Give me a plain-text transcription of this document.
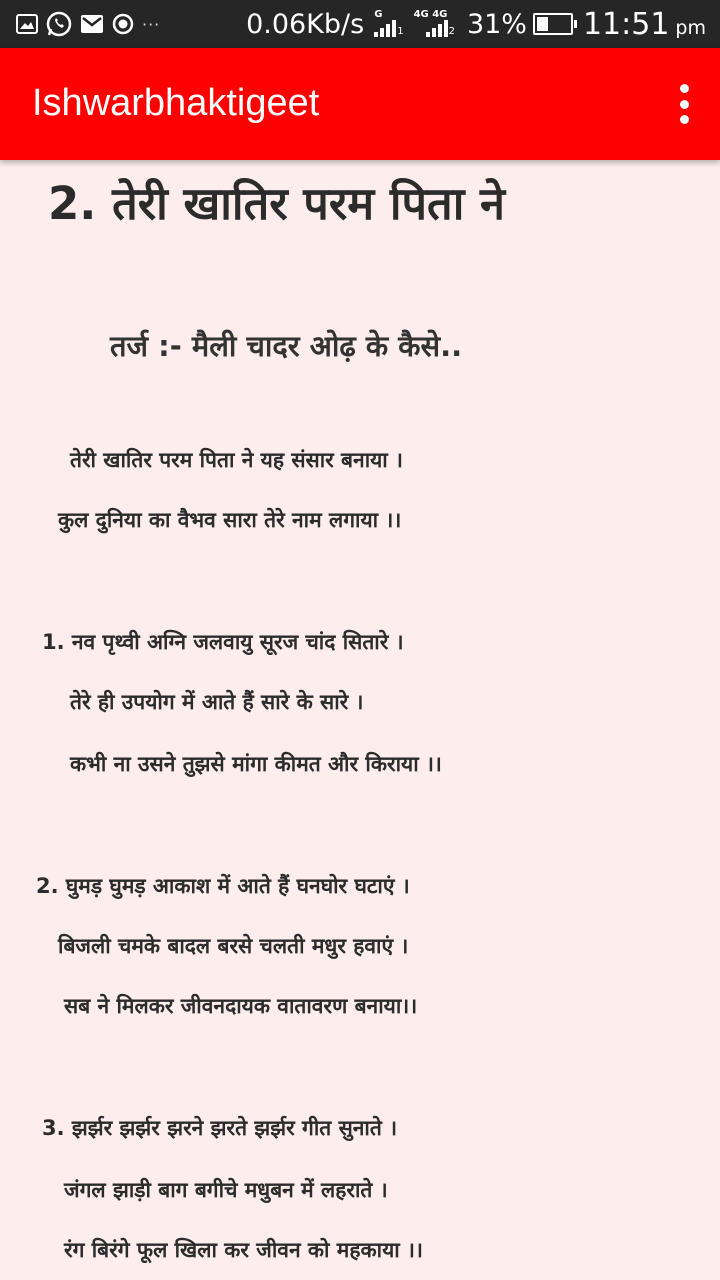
···	0.06Kb/s G
1
4G 4G
2 31% 11:51 pm
Ishwarbhaktigeet
2. तेरी खातिर परम पिता ने
तर्ज :- मैली चादर ओढ़ के कैसे..
तेरी खातिर परम पिता ने यह संसार बनाया ।
कुल दुनिया का वैभव सारा तेरे नाम लगाया ।।
1. नव पृथ्वी अग्नि जलवायु सूरज चांद सितारे ।
तेरे ही उपयोग में आते हैं सारे के सारे ।
कभी ना उसने तुझसे मांगा कीमत और किराया ।।
2. घुमड़ घुमड़ आकाश में आते हैं घनघोर घटाएं ।
बिजली चमके बादल बरसे चलती मधुर हवाएं ।
सब ने मिलकर जीवनदायक वातावरण बनाया।।
3. झर्झर झर्झर झरने झरते झर्झर गीत सुनाते ।
जंगल झाड़ी बाग बगीचे मधुबन में लहराते ।
रंग बिरंगे फूल खिला कर जीवन को महकाया ।।
